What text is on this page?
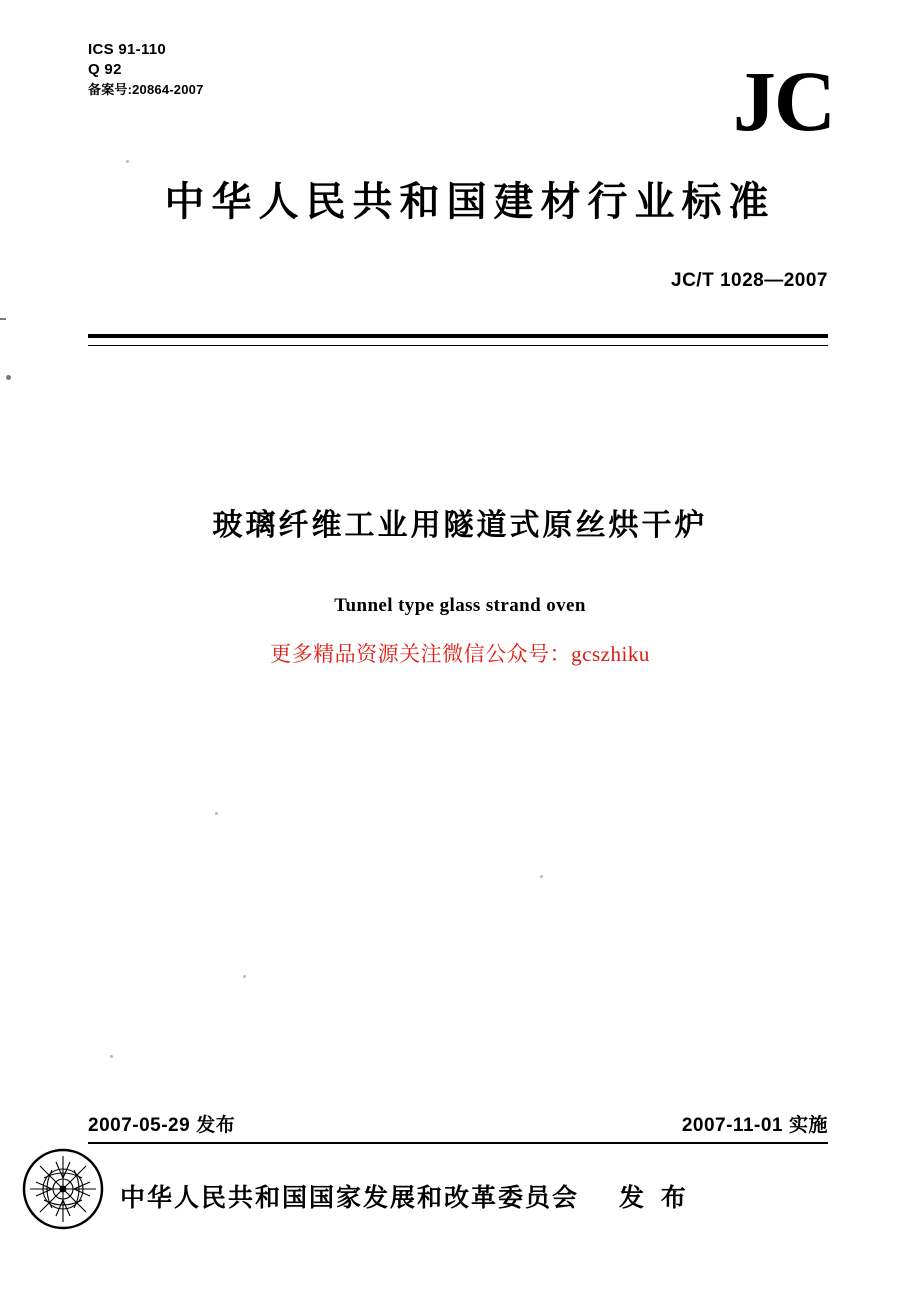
ICS 91-110
Q 92
备案号:20864-2007	JC
中华人民共和国建材行业标准
JC/T 1028—2007
玻璃纤维工业用隧道式原丝烘干炉
Tunnel type glass strand oven
更多精品资源关注微信公众号：gcszhiku
2007-05-29 发布	2007-11-01 实施
中华人民共和国国家发展和改革委员会 发 布
